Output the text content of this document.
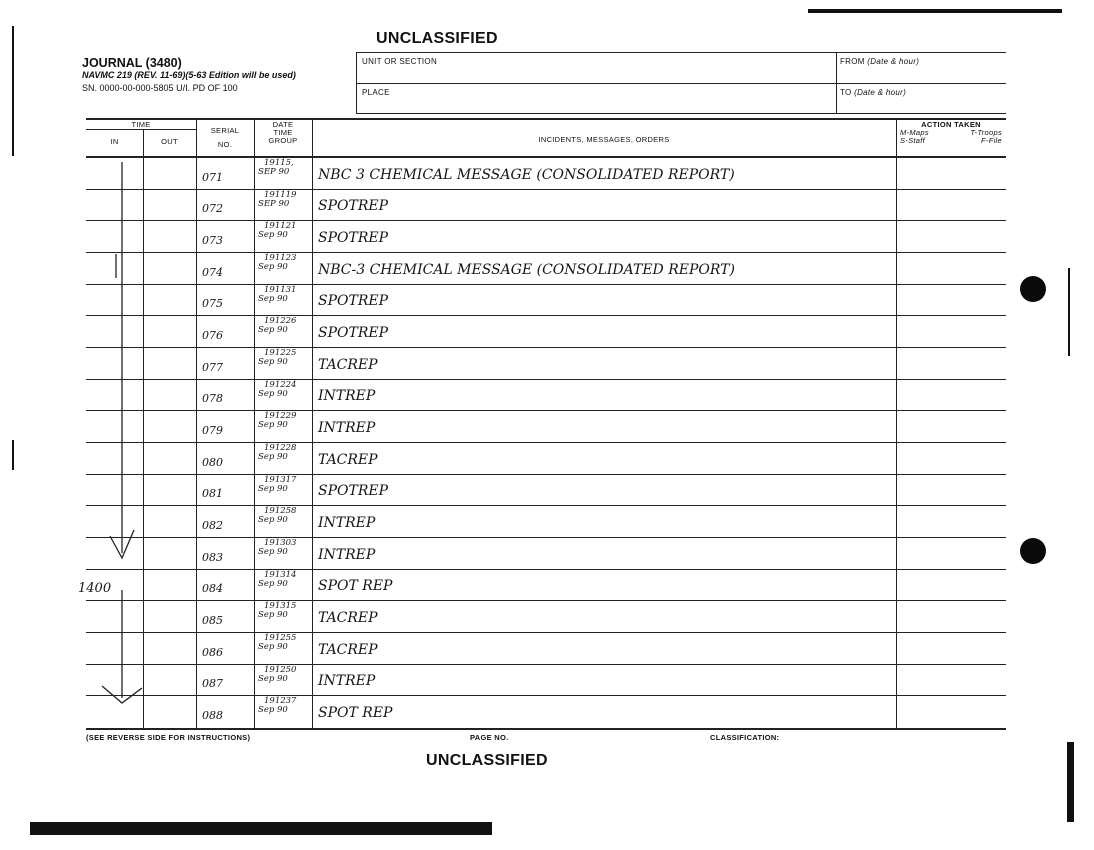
UNCLASSIFIED
JOURNAL (3480)
NAVMC 219 (REV. 11-69)(5-63 Edition will be used)
SN. 0000-00-000-5805 U/I. PD OF 100
UNIT OR SECTION
PLACE
FROM (Date & hour)
TO (Date & hour)
TIME
IN	OUT
SERIAL
NO.
DATE
TIME
GROUP	INCIDENTS, MESSAGES, ORDERS
ACTION TAKEN
M-Maps	T-Troops
S-Staff	F-File
071
19115,
SEP 90	NBC 3 CHEMICAL MESSAGE (CONSOLIDATED REPORT)
072
191119
SEP 90	SPOTREP
073
191121
Sep 90	SPOTREP
074
191123
Sep 90	NBC-3 CHEMICAL MESSAGE (CONSOLIDATED REPORT)
075
191131
Sep 90	SPOTREP
076
191226
Sep 90	SPOTREP
077
191225
Sep 90	TACREP
078
191224
Sep 90	INTREP
079
191229
Sep 90	INTREP
080
191228
Sep 90	TACREP
081
191317
Sep 90	SPOTREP
082
191258
Sep 90	INTREP
083
191303
Sep 90	INTREP
1400	084
191314
Sep 90	SPOT REP
085
191315
Sep 90	TACREP
086
191255
Sep 90	TACREP
087
191250
Sep 90	INTREP
088
191237
Sep 90	SPOT REP
(SEE REVERSE SIDE FOR INSTRUCTIONS)	PAGE NO.	CLASSIFICATION:
UNCLASSIFIED
